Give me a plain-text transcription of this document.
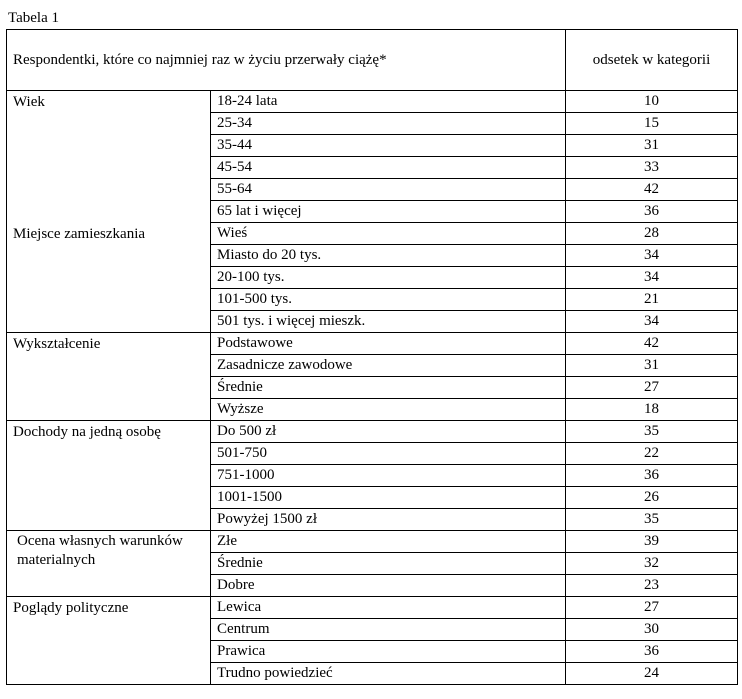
Tabela 1
Respondentki, które co najmniej raz w życiu przerwały ciążę*		odsetek w kategorii
Wiek	18-24 lata	10
	25-34	15
	35-44	31
	45-54	33
	55-64	42
	65 lat i więcej	36
Miejsce zamieszkania	Wieś	28
	Miasto do 20 tys.	34
	20-100 tys.	34
	101-500 tys.	21
	501 tys. i więcej mieszk.	34
Wykształcenie	Podstawowe	42
	Zasadnicze zawodowe	31
	Średnie	27
	Wyższe	18
Dochody na jedną osobę	Do 500 zł	35
	501-750	22
	751-1000	36
	1001-1500	26
	Powyżej 1500 zł	35

Ocena własnych warunków materialnych	Złe	39
	Średnie	32
	Dobre	23
Poglądy polityczne	Lewica	27
	Centrum	30
	Prawica	36
	Trudno powiedzieć	24
